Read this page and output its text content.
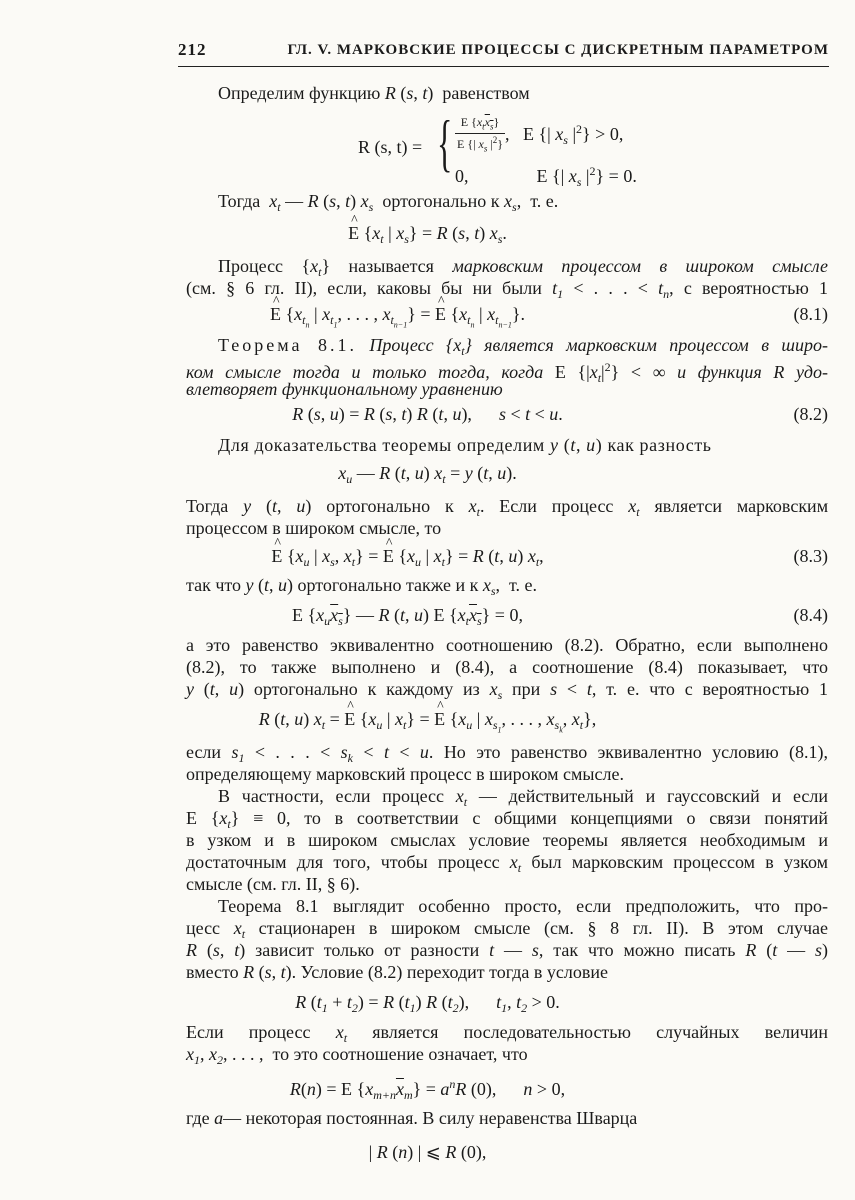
212	ГЛ. V. МАРКОВСКИЕ ПРОЦЕССЫ С ДИСКРЕТНЫМ ПАРАМЕТРОМ
Определим функцию R (s, t)  равенством
R (s, t) = { $\frac{E \{x_tx_s\}}{E \{| x_s |^2\}}$ ,   E {| $x_s$ $|^2\} > 0$,
0,	E {| $x_s$ $|^2\} = 0$.
Тогда $x_t$ — R (s, t) $x_s$ ортогонально к $x_s$,  т. е.
^ E {$x_t$ | $x_s\} = R$ (s, t) $x_s$.
Процесс $\{x_t\}$ называется марковским процессом в широком смысле
(см. § 6 гл. II), если, каковы бы ни были $t_1$ < . . . < $t_n$, с вероятностью 1
^ E {$x_{t_n}$ | $x_{t_1}$, . . . , $x_{t_{n-1}}$} = ^ E {$x_{t_n}$ | $x_{t_{n-1}}$}.	(8.1)
Теорема 8.1. Процесс $\{x_t\}$ является марковским процессом в широ-
ком смысле тогда и только тогда, когда E $\{|x_t|^2\}$ < ∞ и функция R удо-
влетворяет функциональному уравнению
R (s, u) = R (s, t) R (t, u),      s < t < u.	(8.2)
Для доказательства теоремы определим y (t, u) как разность
$x_u$ — R (t, u) $x_t = y$ (t, u).
Тогда y (t, u) ортогонально к $x_t$. Если процесс $x_t$ являетси марковским
процессом в широком смысле, то
^ E {$x_u$ | $x_s$, $x_t$} = ^ E {$x_u$ | $x_t\} = R$ (t, u) $x_t$,	(8.3)
так что y (t, u) ортогонально также и к $x_s$,  т. е.
E $\{x_ux_s\}$ — R (t, u) E $\{x_tx_s\} = 0$,	(8.4)
а это равенство эквивалентно соотношению (8.2). Обратно, если выполнено
(8.2), то также выполнено и (8.4), а соотношение (8.4) показывает, что
y (t, u) ортогонально к каждому из $x_s$ при s < t, т. е. что с вероятностью 1
R (t, u) $x_t$ = ^ E {$x_u$ | $x_t$} = ^ E {$x_u$ | $x_{s_1}$, . . . , $x_{s_k}$, $x_t$},
если $s_1$ < . . . < $s_k < t < u$. Но это равенство эквивалентно условию (8.1),
определяющему марковский процесс в широком смысле.
В частности, если процесс $x_t$ — действительный и гауссовский и если
E $\{x_t\} \equiv 0$, то в соответствии с общими концепциями о связи понятий
в узком и в широком смыслах условие теоремы является необходимым и
достаточным для того, чтобы процесс $x_t$ был марковским процессом в узком
смысле (см. гл. II, § 6).
Теорема 8.1 выглядит особенно просто, если предположить, что про-
цесс $x_t$ стационарен в широком смысле (см. § 8 гл. II). В этом случае
R (s, t) зависит только от разности t — s, так что можно писать R (t — s)
вместо R (s, t). Условие (8.2) переходит тогда в условие
R $(t_1 + t_2) = R$ $(t_1)$ R $(t_2)$,      $t_1$, $t_2 > 0$.
Если процесс $x_t$ является последовательностью случайных величин
$x_1$, $x_2$, . . . ,  то это соотношение означает, что
R(n) = E $\{x_{m+n}\overline{x}_m\} = a^nR$ (0),      n > 0,
где a— некоторая постоянная. В силу неравенства Шварца
| R (n) | ⩽ R (0),
